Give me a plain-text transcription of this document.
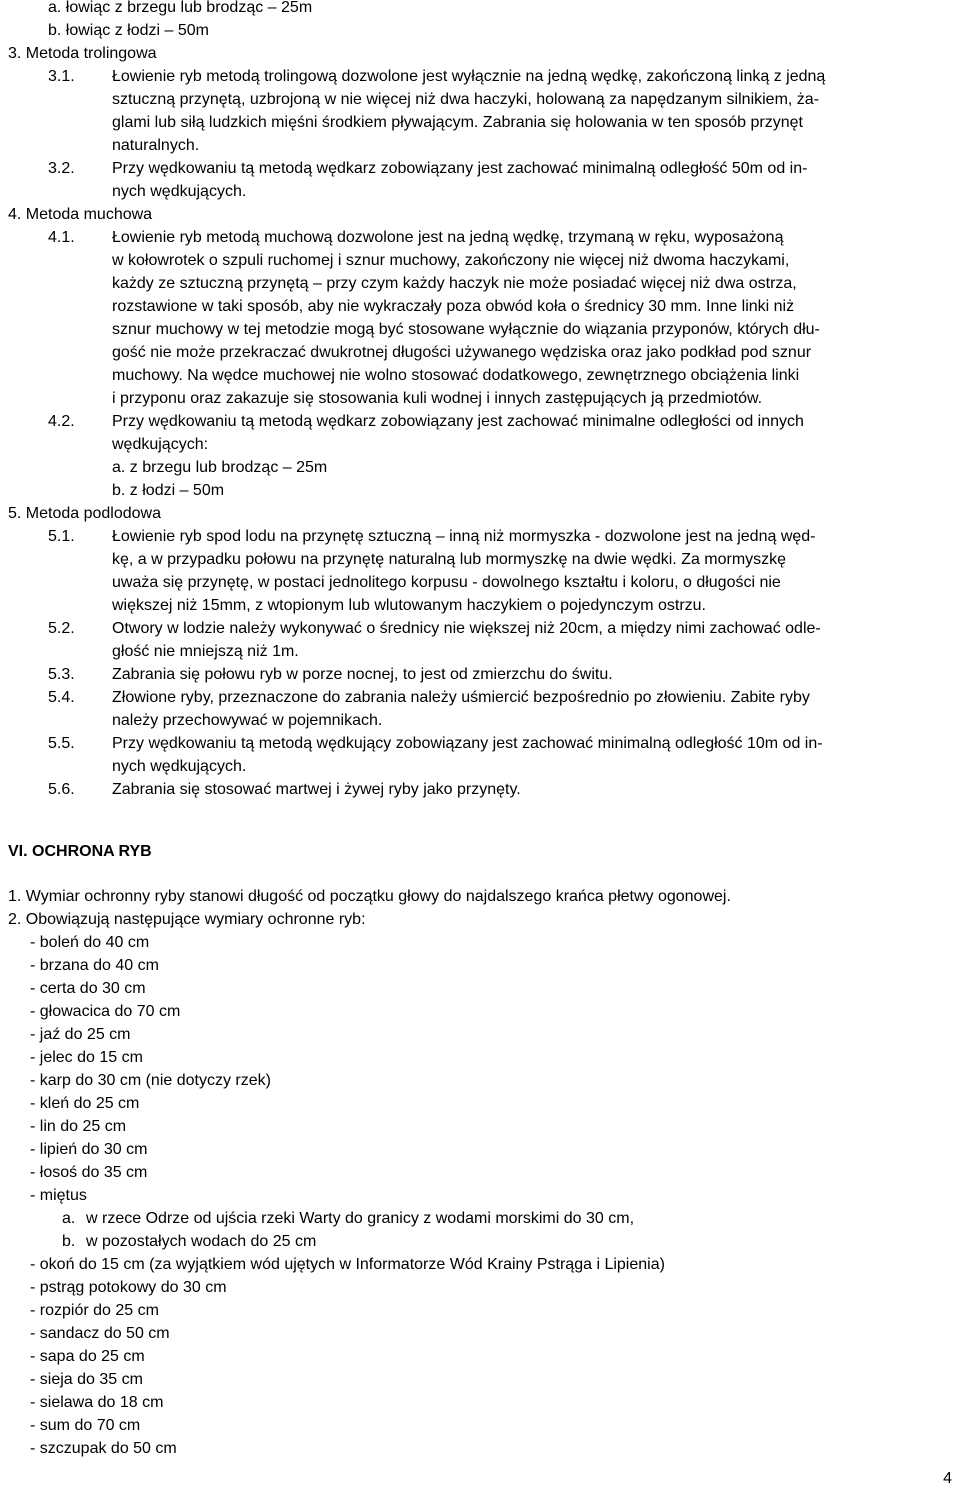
a. łowiąc z brzegu lub brodząc – 25m
b. łowiąc z łodzi – 50m
3. Metoda trolingowa
3.1. Łowienie ryb metodą trolingową dozwolone jest wyłącznie na jedną wędkę, zakończoną linką z jedną
sztuczną przynętą, uzbrojoną w nie więcej niż dwa haczyki, holowaną za napędzanym silnikiem, ża-
glami lub siłą ludzkich mięśni środkiem pływającym. Zabrania się holowania w ten sposób przynęt
naturalnych.
3.2. Przy wędkowaniu tą metodą wędkarz zobowiązany jest zachować minimalną odległość 50m od in-
nych wędkujących.
4. Metoda muchowa
4.1. Łowienie ryb metodą muchową dozwolone jest na jedną wędkę, trzymaną w ręku, wyposażoną
w kołowrotek o szpuli ruchomej i sznur muchowy, zakończony nie więcej niż dwoma haczykami,
każdy ze sztuczną przynętą – przy czym każdy haczyk nie może posiadać więcej niż dwa ostrza,
rozstawione w taki sposób, aby nie wykraczały poza obwód koła o średnicy 30 mm. Inne linki niż
sznur muchowy w tej metodzie mogą być stosowane wyłącznie do wiązania przyponów, których dłu-
gość nie może przekraczać dwukrotnej długości używanego wędziska oraz jako podkład pod sznur
muchowy. Na wędce muchowej nie wolno stosować dodatkowego, zewnętrznego obciążenia linki
i przyponu oraz zakazuje się stosowania kuli wodnej i innych zastępujących ją przedmiotów.
4.2. Przy wędkowaniu tą metodą wędkarz zobowiązany jest zachować minimalne odległości od innych
wędkujących:
a. z brzegu lub brodząc – 25m
b. z łodzi – 50m
5. Metoda podlodowa
5.1. Łowienie ryb spod lodu na przynętę sztuczną – inną niż mormyszka - dozwolone jest na jedną węd-
kę, a w przypadku połowu na przynętę naturalną lub mormyszkę na dwie wędki. Za mormyszkę
uważa się przynętę, w postaci jednolitego korpusu - dowolnego kształtu i koloru, o długości nie
większej niż 15mm, z wtopionym lub wlutowanym haczykiem o pojedynczym ostrzu.
5.2. Otwory w lodzie należy wykonywać o średnicy nie większej niż 20cm, a między nimi zachować odle-
głość nie mniejszą niż 1m.
5.3. Zabrania się połowu ryb w porze nocnej, to jest od zmierzchu do świtu.
5.4. Złowione ryby, przeznaczone do zabrania należy uśmiercić bezpośrednio po złowieniu. Zabite ryby
należy przechowywać w pojemnikach.
5.5. Przy wędkowaniu tą metodą wędkujący zobowiązany jest zachować minimalną odległość 10m od in-
nych wędkujących.
5.6. Zabrania się stosować martwej i żywej ryby jako przynęty.
VI. OCHRONA RYB
1. Wymiar ochronny ryby stanowi długość od początku głowy do najdalszego krańca płetwy ogonowej.
2. Obowiązują następujące wymiary ochronne ryb:
- boleń do 40 cm
- brzana do 40 cm
- certa do 30 cm
- głowacica do 70 cm
- jaź do 25 cm
- jelec do 15 cm
- karp do 30 cm (nie dotyczy rzek)
- kleń do 25 cm
- lin do 25 cm
- lipień do 30 cm
- łosoś do 35 cm
- miętus
a. w rzece Odrze od ujścia rzeki Warty do granicy z wodami morskimi do 30 cm,
b. w pozostałych wodach do 25 cm
- okoń do 15 cm (za wyjątkiem wód ujętych w Informatorze Wód Krainy Pstrąga i Lipienia)
- pstrąg potokowy do 30 cm
- rozpiór do 25 cm
- sandacz do 50 cm
- sapa do 25 cm
- sieja do 35 cm
- sielawa do 18 cm
- sum do 70 cm
- szczupak do 50 cm
4
